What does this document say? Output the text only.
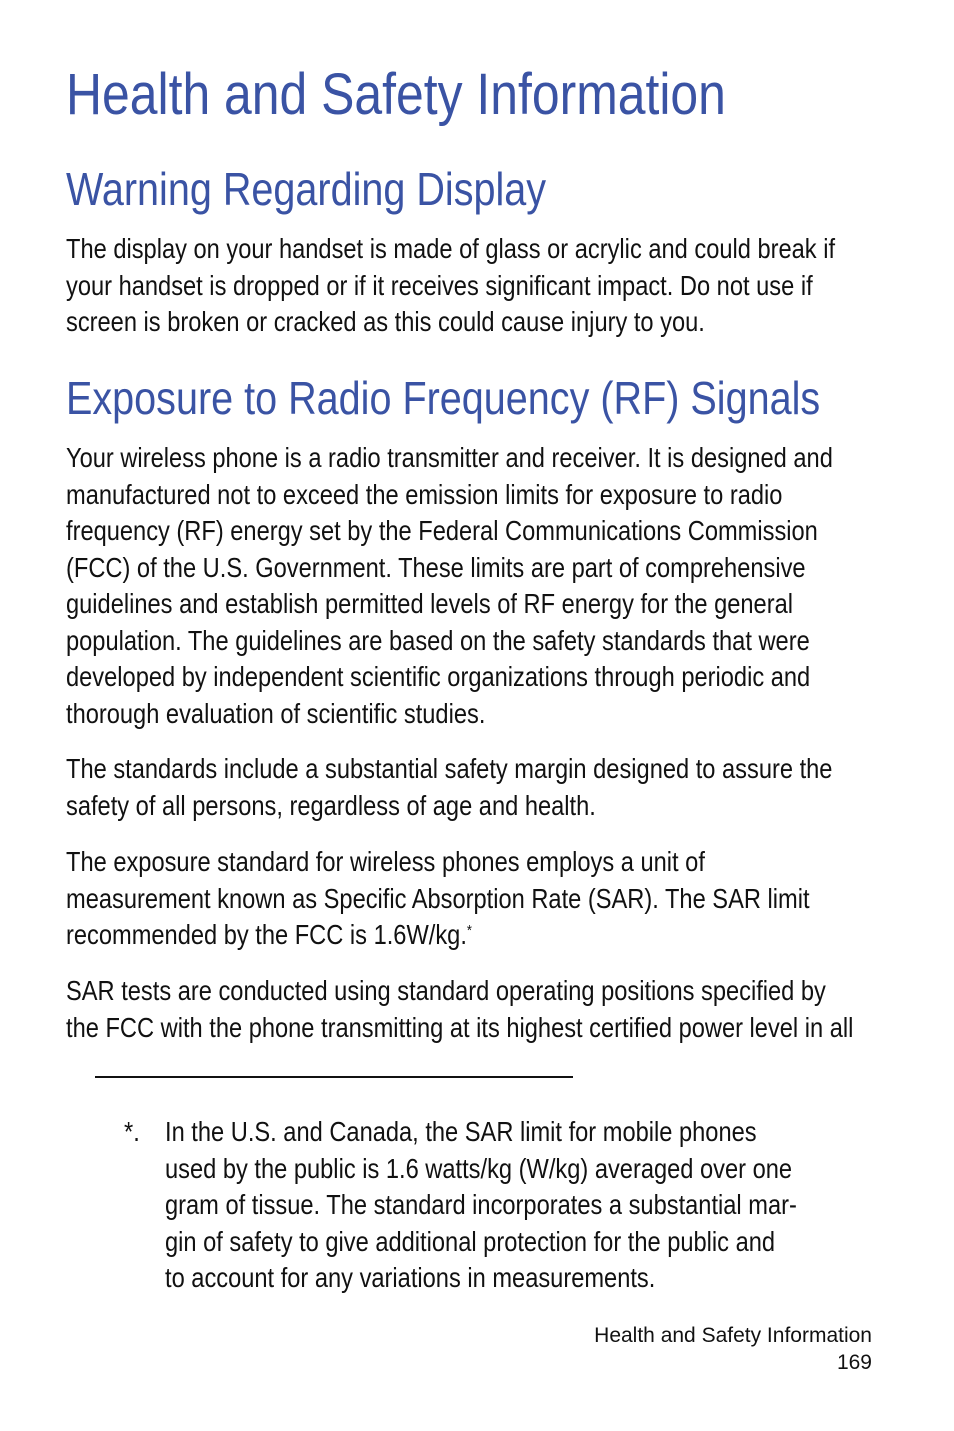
Health and Safety Information
Warning Regarding Display
The display on your handset is made of glass or acrylic and could break if
your handset is dropped or if it receives significant impact. Do not use if
screen is broken or cracked as this could cause injury to you.
Exposure to Radio Frequency (RF) Signals
Your wireless phone is a radio transmitter and receiver. It is designed and
manufactured not to exceed the emission limits for exposure to radio
frequency (RF) energy set by the Federal Communications Commission
(FCC) of the U.S. Government. These limits are part of comprehensive
guidelines and establish permitted levels of RF energy for the general
population. The guidelines are based on the safety standards that were
developed by independent scientific organizations through periodic and
thorough evaluation of scientific studies.
The standards include a substantial safety margin designed to assure the
safety of all persons, regardless of age and health.
The exposure standard for wireless phones employs a unit of
measurement known as Specific Absorption Rate (SAR). The SAR limit
recommended by the FCC is 1.6W/kg.*
SAR tests are conducted using standard operating positions specified by
the FCC with the phone transmitting at its highest certified power level in all
*. In the U.S. and Canada, the SAR limit for mobile phones
used by the public is 1.6 watts/kg (W/kg) averaged over one
gram of tissue. The standard incorporates a substantial mar-
gin of safety to give additional protection for the public and
to account for any variations in measurements.
Health and Safety Information
169
